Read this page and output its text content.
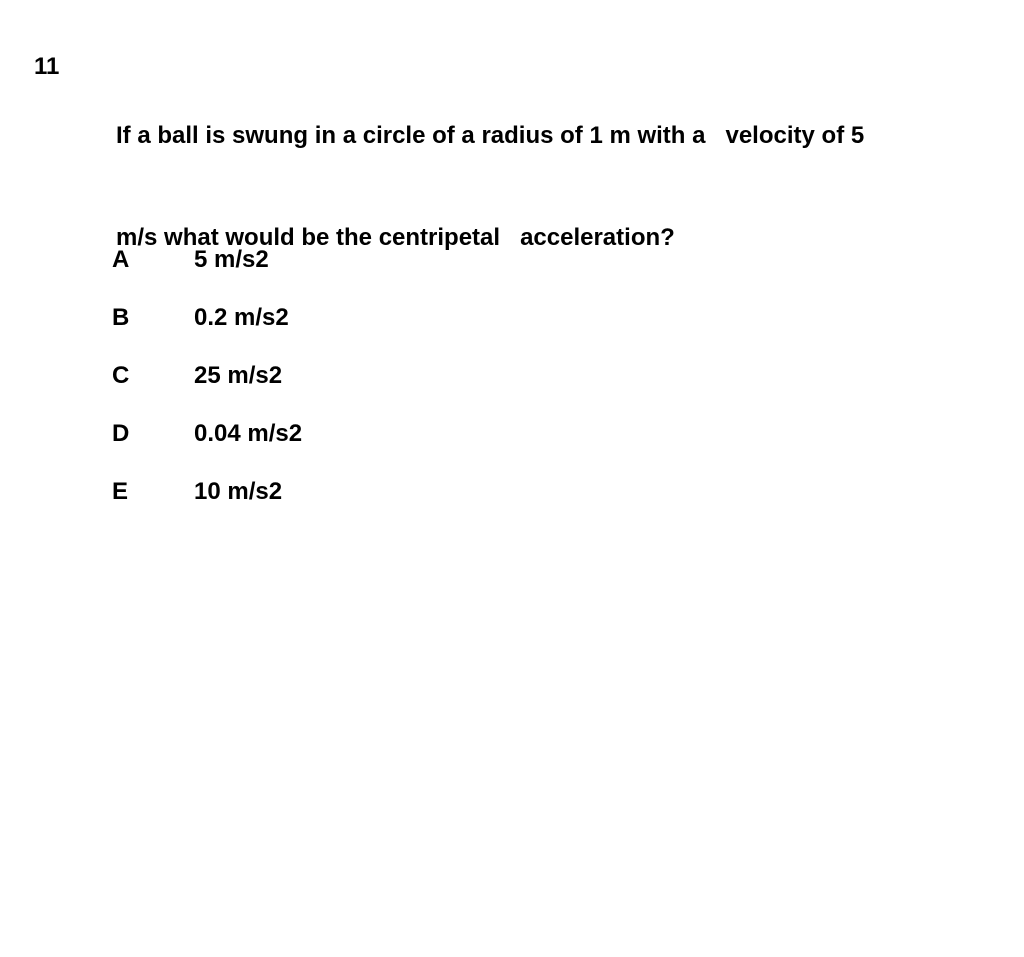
11

If a ball is swung in a circle of a radius of 1 m with a   velocity of 5

m/s what would be the centripetal   acceleration?

A	5 m/s2
B	0.2 m/s2
C	25 m/s2
D	0.04 m/s2
E	10 m/s2
